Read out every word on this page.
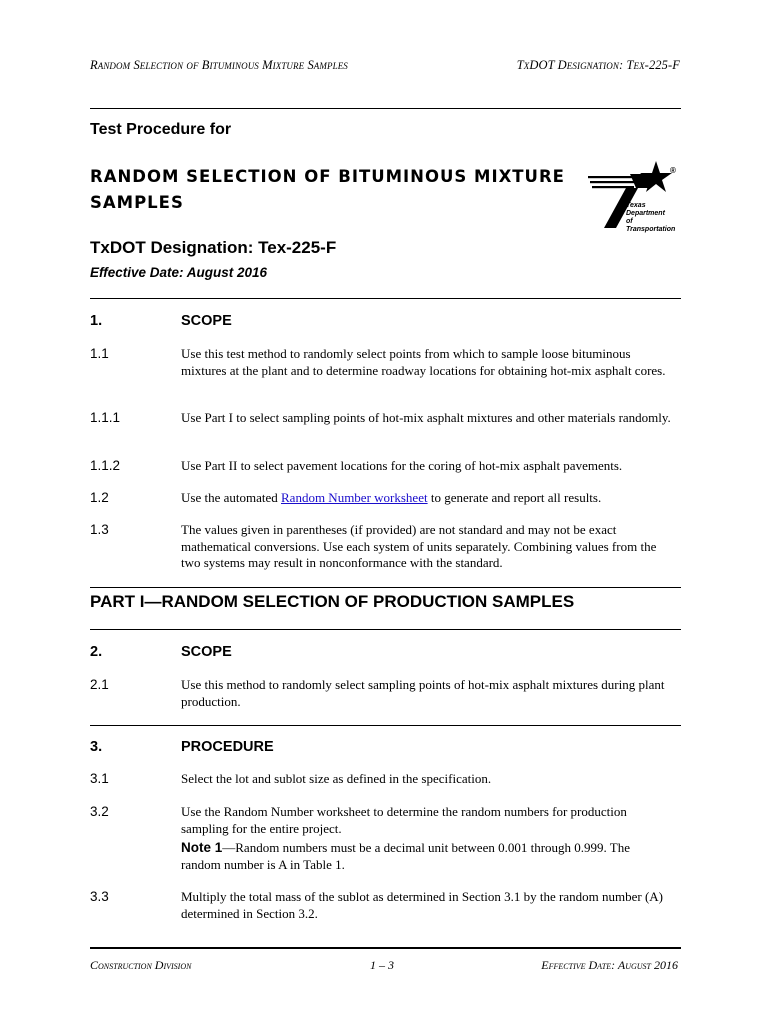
Random Selection of Bituminous Mixture Samples	TxDOT Designation: Tex-225-F
Test Procedure for
RANDOM SELECTION OF BITUMINOUS MIXTURE
SAMPLES
TxDOT Designation: Tex-225-F
Effective Date: August 2016
®
Texas
Department
of Transportation
1.	SCOPE
1.1	Use this test method to randomly select points from which to sample loose bituminous mixtures at the plant and to determine roadway locations for obtaining hot-mix asphalt cores.
1.1.1	Use Part I to select sampling points of hot-mix asphalt mixtures and other materials randomly.
1.1.2	Use Part II to select pavement locations for the coring of hot-mix asphalt pavements.
1.2	Use the automated Random Number worksheet to generate and report all results.
1.3	The values given in parentheses (if provided) are not standard and may not be exact mathematical conversions. Use each system of units separately. Combining values from the two systems may result in nonconformance with the standard.
PART I—RANDOM SELECTION OF PRODUCTION SAMPLES
2.	SCOPE
2.1	Use this method to randomly select sampling points of hot-mix asphalt mixtures during plant production.
3.	PROCEDURE
3.1	Select the lot and sublot size as defined in the specification.
3.2	Use the Random Number worksheet to determine the random numbers for production sampling for the entire project.
Note 1—Random numbers must be a decimal unit between 0.001 through 0.999. The random number is A in Table 1.
3.3	Multiply the total mass of the sublot as determined in Section 3.1 by the random number (A) determined in Section 3.2.
Construction Division	1 – 3	Effective Date: August 2016
